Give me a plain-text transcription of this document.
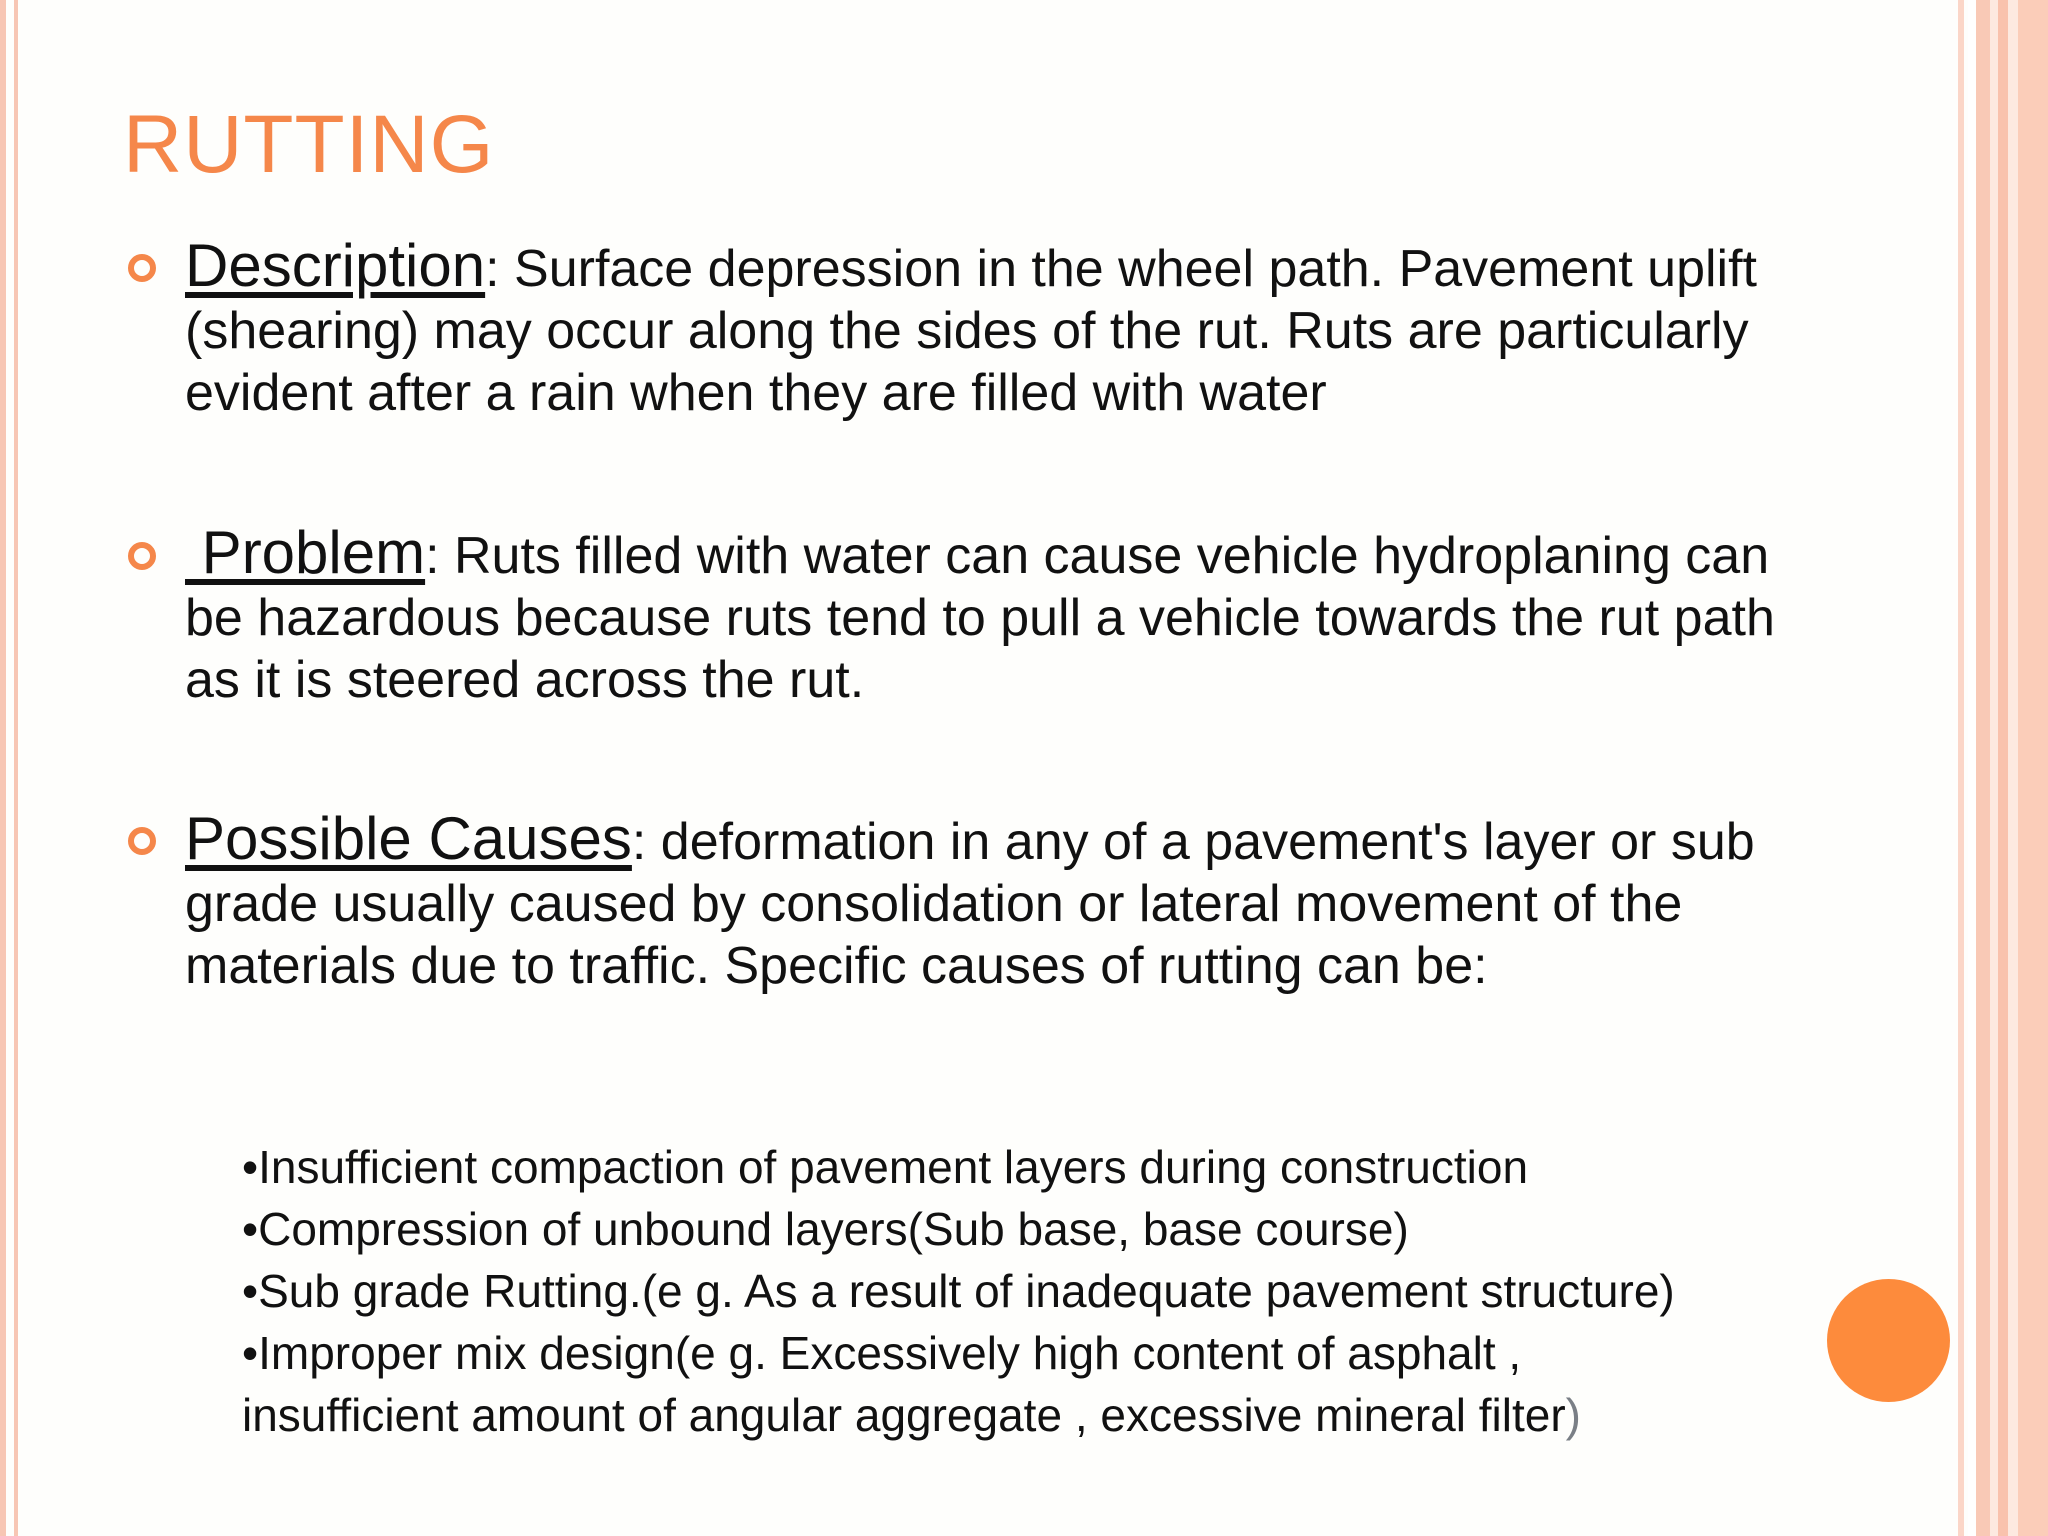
RUTTING

Description: Surface depression in the wheel path. Pavement uplift (shearing) may occur along the sides of the rut. Ruts are particularly evident after a rain when they are filled with water

Problem: Ruts filled with water can cause vehicle hydroplaning can be hazardous because ruts tend to pull a vehicle towards the rut path as it is steered across the rut.

Possible Causes: deformation in any of a pavement's layer or sub grade usually caused by consolidation or lateral movement of the materials due to traffic. Specific causes of rutting can be:

•Insufficient compaction of pavement layers during construction
•Compression of unbound layers(Sub base, base course)
•Sub grade Rutting.(e g. As a result of inadequate pavement structure)
•Improper mix design(e g. Excessively high content of asphalt ,
insufficient amount of angular aggregate , excessive mineral filter)
